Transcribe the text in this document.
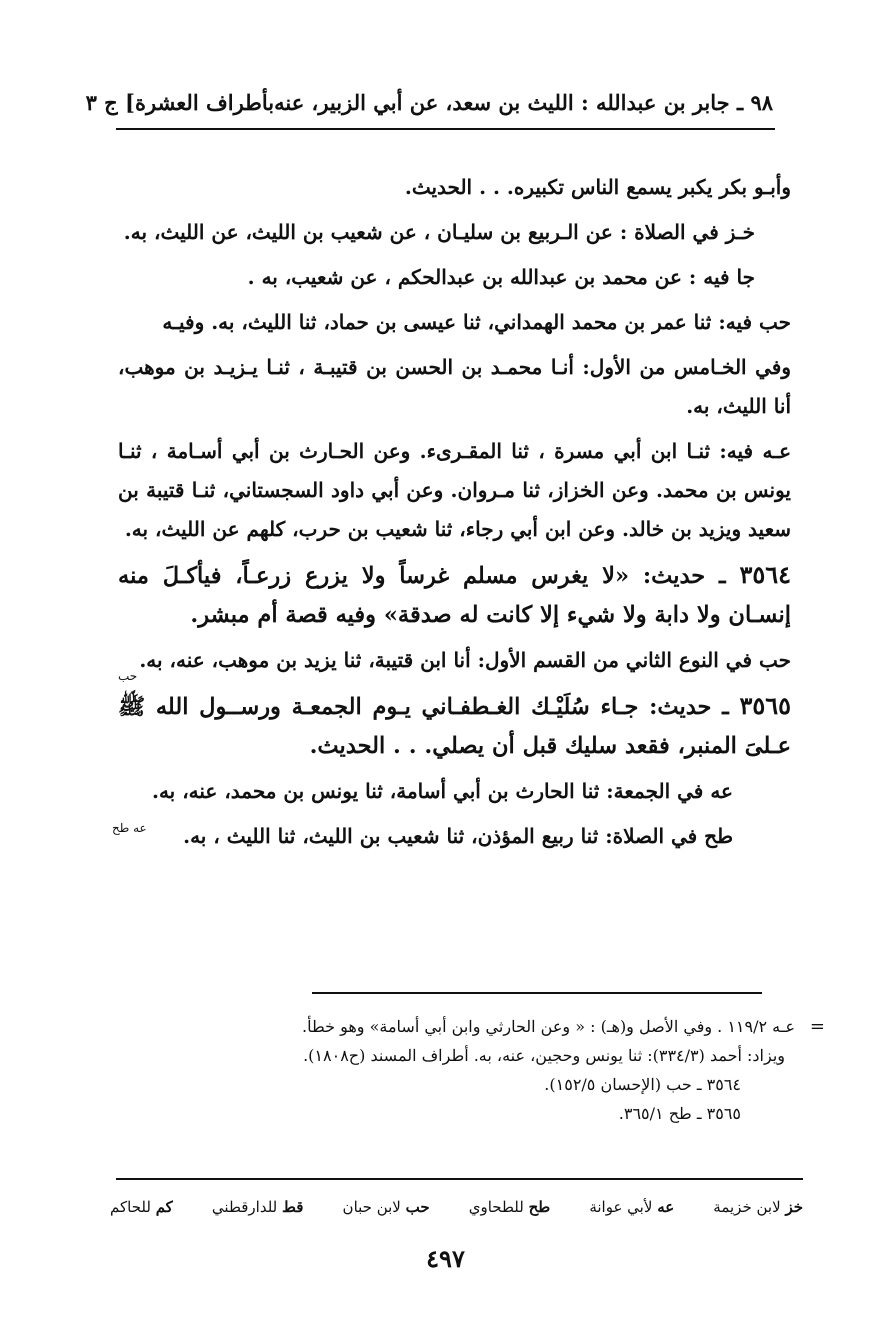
٩٨ ـ جابر بن عبدالله : الليث بن سعد، عن أبي الزبير، عنه
بأطراف العشرة] ج ٣

وأبـو بكر يكبر يسمع الناس تكبيره. . . الحديث.

خـز في الصلاة : عن الـربيع بن سليـان ، عن شعيب بن الليث، عن الليث، به.

جا فيه : عن محمد بن عبدالله بن عبدالحكم ، عن شعيب، به .

حب فيه: ثنا عمر بن محمد الهمداني، ثنا عيسى بن حماد، ثنا الليث، به. وفيـه

وفي الخـامس من الأول: أنـا محمـد بن الحسن بن قتيبـة ، ثنـا يـزيـد بن موهب، أنا الليث، به.

عـه فيه: ثنـا ابن أبي مسرة ، ثنا المقـرىء. وعن الحـارث بن أبي أسـامة ، ثنـا يونس بن محمد. وعن الخزاز، ثنا مـروان. وعن أبي داود السجستاني، ثنـا قتيبة بن سعيد ويزيد بن خالد. وعن ابن أبي رجاء، ثنا شعيب بن حرب، كلهم عن الليث، به.

٣٥٦٤ ـ حديث: «لا يغرس مسلم غرساً ولا يزرع زرعـاً، فيأكـلَ منه إنسـان ولا دابة ولا شيء إلا كانت له صدقة» وفيه قصة أم مبشر.

حب في النوع الثاني من القسم الأول: أنا ابن قتيبة، ثنا يزيد بن موهب، عنه، به.

٣٥٦٥ ـ حديث: جـاء سُلَيْـك الغـطفـاني يـوم الجمعـة ورســول الله ﷺ عـلىَ المنبر، فقعد سليك قبل أن يصلي. . . الحديث.

عه في الجمعة: ثنا الحارث بن أبي أسامة، ثنا يونس بن محمد، عنه، به.

طح في الصلاة: ثنا ربيع المؤذن، ثنا شعيب بن الليث، ثنا الليث ، به.

حب
عه طح
=

عـه ١١٩/٢ . وفي الأصل و(هـ) : « وعن الحارثي وابن أبي أسامة» وهو خطأ.

ويزاد: أحمد (٣٣٤/٣): ثنا يونس وحجين، عنه، به. أطراف المسند (ح١٨٠٨).

٣٥٦٤ ـ حب (الإحسان ١٥٢/٥).

٣٥٦٥ ـ طح ٣٦٥/١.

خز لابن خزيمة
عه لأبي عوانة
طح للطحاوي
حب لابن حبان
قط للدارقطني
كم للحاكم
٤٩٧
